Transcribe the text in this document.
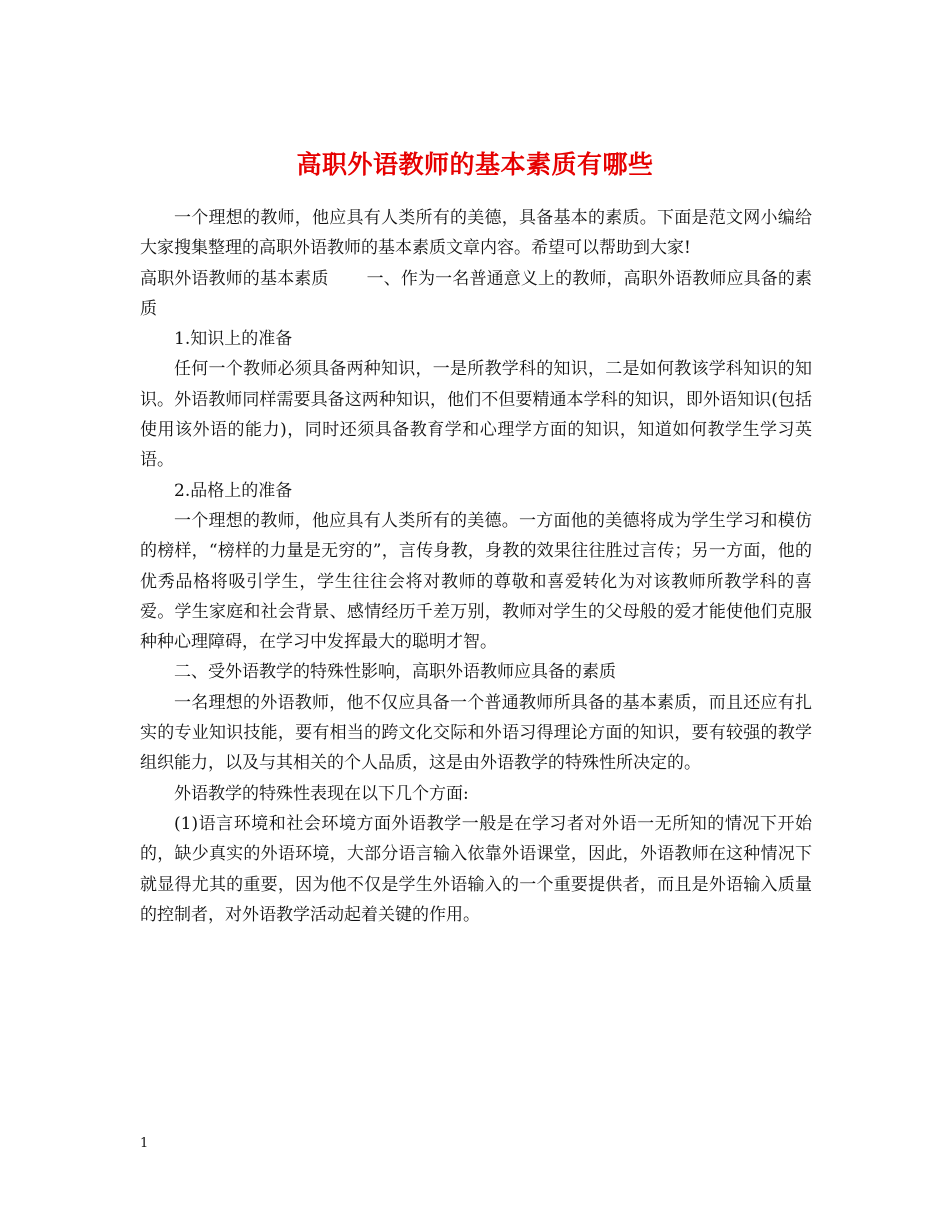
高职外语教师的基本素质有哪些

一个理想的教师，他应具有人类所有的美德，具备基本的素质。下面是范文网小编给大家搜集整理的高职外语教师的基本素质文章内容。希望可以帮助到大家!

高职外语教师的基本素质 一、作为一名普通意义上的教师，高职外语教师应具备的素质

1.知识上的准备

任何一个教师必须具备两种知识，一是所教学科的知识，二是如何教该学科知识的知识。外语教师同样需要具备这两种知识，他们不但要精通本学科的知识，即外语知识(包括使用该外语的能力)，同时还须具备教育学和心理学方面的知识，知道如何教学生学习英语。

2.品格上的准备

一个理想的教师，他应具有人类所有的美德。一方面他的美德将成为学生学习和模仿的榜样，“榜样的力量是无穷的”，言传身教，身教的效果往往胜过言传；另一方面，他的优秀品格将吸引学生，学生往往会将对教师的尊敬和喜爱转化为对该教师所教学科的喜爱。学生家庭和社会背景、感情经历千差万别，教师对学生的父母般的爱才能使他们克服种种心理障碍，在学习中发挥最大的聪明才智。

二、受外语教学的特殊性影响，高职外语教师应具备的素质

一名理想的外语教师，他不仅应具备一个普通教师所具备的基本素质，而且还应有扎实的专业知识技能，要有相当的跨文化交际和外语习得理论方面的知识，要有较强的教学组织能力，以及与其相关的个人品质，这是由外语教学的特殊性所决定的。

外语教学的特殊性表现在以下几个方面:

(1)语言环境和社会环境方面外语教学一般是在学习者对外语一无所知的情况下开始的，缺少真实的外语环境，大部分语言输入依靠外语课堂，因此，外语教师在这种情况下就显得尤其的重要，因为他不仅是学生外语输入的一个重要提供者，而且是外语输入质量的控制者，对外语教学活动起着关键的作用。

1
